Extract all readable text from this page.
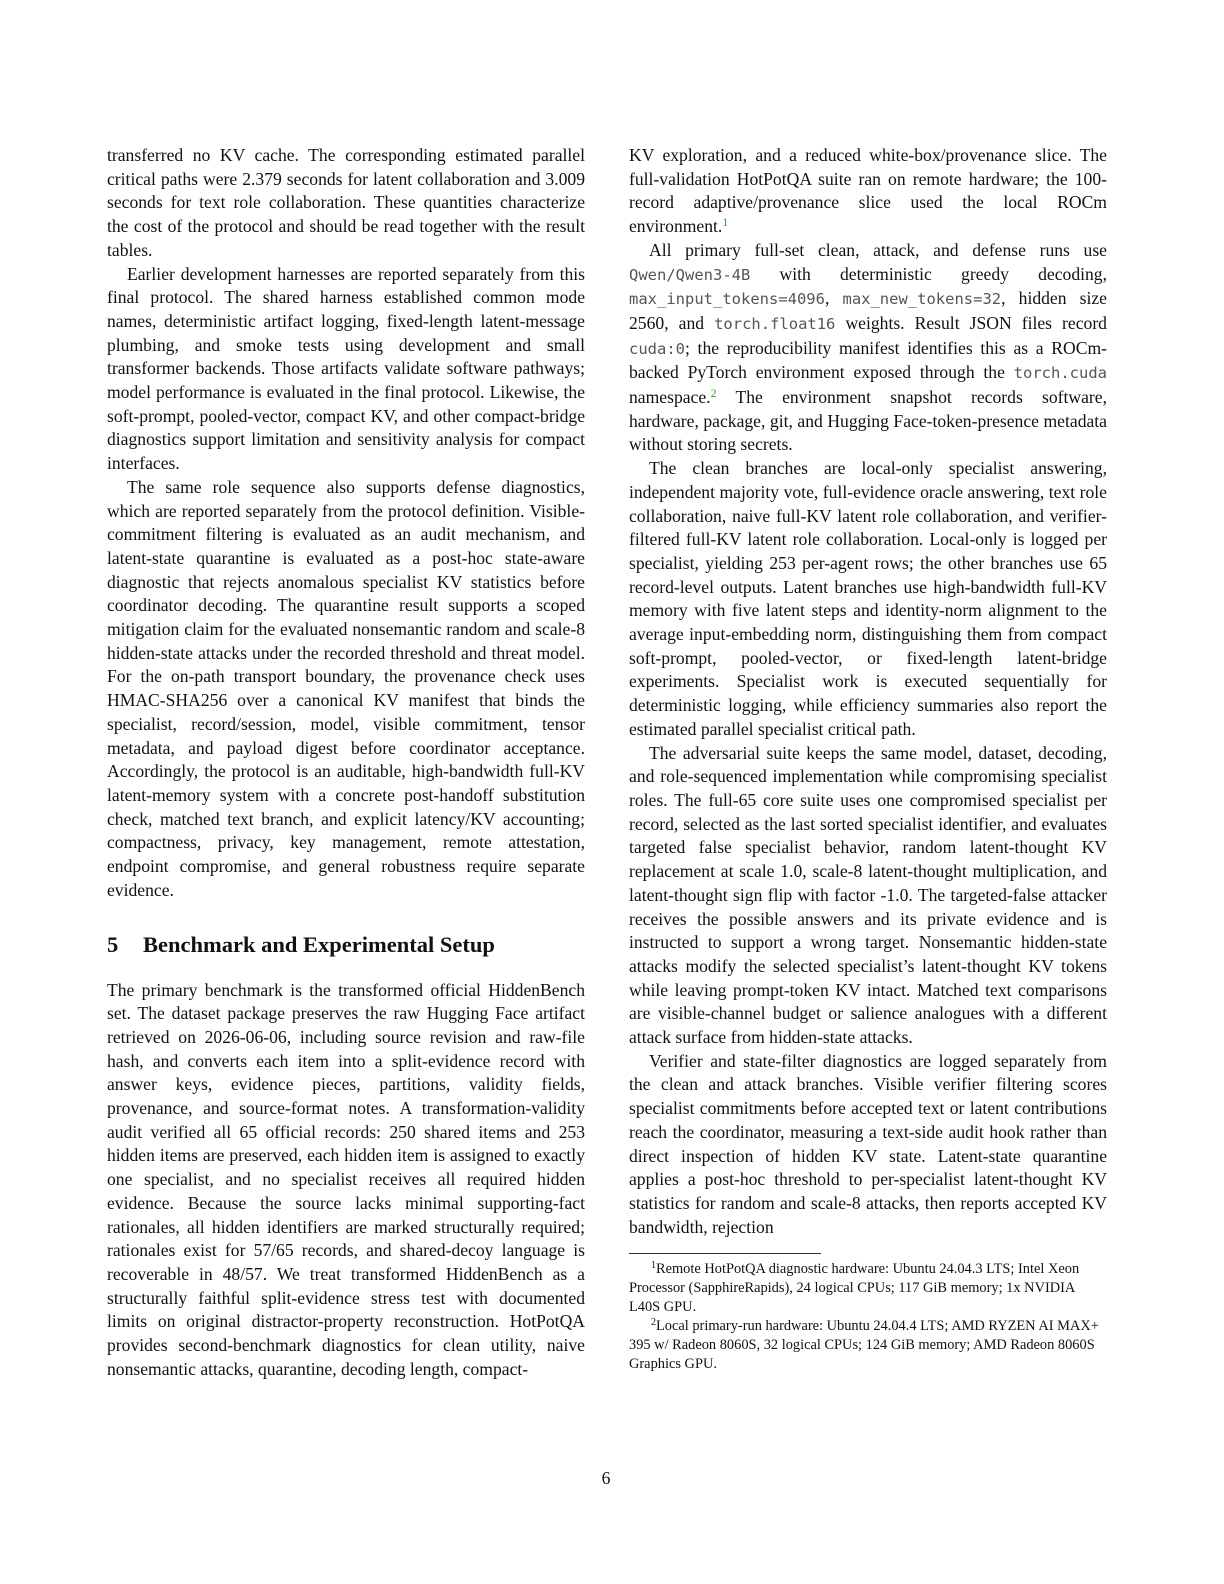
transferred no KV cache. The corresponding estimated parallel critical paths were 2.379 seconds for latent collaboration and 3.009 seconds for text role collaboration. These quantities characterize the cost of the protocol and should be read together with the result tables.

Earlier development harnesses are reported separately from this final protocol. The shared harness established common mode names, deterministic artifact logging, fixed-length latent-message plumbing, and smoke tests using development and small transformer backends. Those artifacts validate software pathways; model performance is evaluated in the final protocol. Likewise, the soft-prompt, pooled-vector, compact KV, and other compact-bridge diagnostics support limitation and sensitivity analysis for compact interfaces.

The same role sequence also supports defense diagnostics, which are reported separately from the protocol definition. Visible-commitment filtering is evaluated as an audit mechanism, and latent-state quarantine is evaluated as a post-hoc state-aware diagnostic that rejects anomalous specialist KV statistics before coordinator decoding. The quarantine result supports a scoped mitigation claim for the evaluated nonsemantic random and scale-8 hidden-state attacks under the recorded threshold and threat model. For the on-path transport boundary, the provenance check uses HMAC-SHA256 over a canonical KV manifest that binds the specialist, record/session, model, visible commitment, tensor metadata, and payload digest before coordinator acceptance. Accordingly, the protocol is an auditable, high-bandwidth full-KV latent-memory system with a concrete post-handoff substitution check, matched text branch, and explicit latency/KV accounting; compactness, privacy, key management, remote attestation, endpoint compromise, and general robustness require separate evidence.

5 Benchmark and Experimental Setup

The primary benchmark is the transformed official HiddenBench set. The dataset package preserves the raw Hugging Face artifact retrieved on 2026-06-06, including source revision and raw-file hash, and converts each item into a split-evidence record with answer keys, evidence pieces, partitions, validity fields, provenance, and source-format notes. A transformation-validity audit verified all 65 official records: 250 shared items and 253 hidden items are preserved, each hidden item is assigned to exactly one specialist, and no specialist receives all required hidden evidence. Because the source lacks minimal supporting-fact rationales, all hidden identifiers are marked structurally required; rationales exist for 57/65 records, and shared-decoy language is recoverable in 48/57. We treat transformed HiddenBench as a structurally faithful split-evidence stress test with documented limits on original distractor-property reconstruction. HotPotQA provides second-benchmark diagnostics for clean utility, naive nonsemantic attacks, quarantine, decoding length, compact-

KV exploration, and a reduced white-box/provenance slice. The full-validation HotPotQA suite ran on remote hardware; the 100-record adaptive/provenance slice used the local ROCm environment.$^1$

All primary full-set clean, attack, and defense runs use Qwen/Qwen3-4B with deterministic greedy decoding, max_input_tokens=4096, max_new_tokens=32, hidden size 2560, and torch.float16 weights. Result JSON files record cuda:0; the reproducibility manifest identifies this as a ROCm-backed PyTorch environment exposed through the torch.cuda namespace.$^2$ The environment snapshot records software, hardware, package, git, and Hugging Face-token-presence metadata without storing secrets.

The clean branches are local-only specialist answering, independent majority vote, full-evidence oracle answering, text role collaboration, naive full-KV latent role collaboration, and verifier-filtered full-KV latent role collaboration. Local-only is logged per specialist, yielding 253 per-agent rows; the other branches use 65 record-level outputs. Latent branches use high-bandwidth full-KV memory with five latent steps and identity-norm alignment to the average input-embedding norm, distinguishing them from compact soft-prompt, pooled-vector, or fixed-length latent-bridge experiments. Specialist work is executed sequentially for deterministic logging, while efficiency summaries also report the estimated parallel specialist critical path.

The adversarial suite keeps the same model, dataset, decoding, and role-sequenced implementation while compromising specialist roles. The full-65 core suite uses one compromised specialist per record, selected as the last sorted specialist identifier, and evaluates targeted false specialist behavior, random latent-thought KV replacement at scale 1.0, scale-8 latent-thought multiplication, and latent-thought sign flip with factor -1.0. The targeted-false attacker receives the possible answers and its private evidence and is instructed to support a wrong target. Nonsemantic hidden-state attacks modify the selected specialist’s latent-thought KV tokens while leaving prompt-token KV intact. Matched text comparisons are visible-channel budget or salience analogues with a different attack surface from hidden-state attacks.

Verifier and state-filter diagnostics are logged separately from the clean and attack branches. Visible verifier filtering scores specialist commitments before accepted text or latent contributions reach the coordinator, measuring a text-side audit hook rather than direct inspection of hidden KV state. Latent-state quarantine applies a post-hoc threshold to per-specialist latent-thought KV statistics for random and scale-8 attacks, then reports accepted KV bandwidth, rejection

$^1$Remote HotPotQA diagnostic hardware: Ubuntu 24.04.3 LTS; Intel Xeon Processor (SapphireRapids), 24 logical CPUs; 117 GiB memory; 1x NVIDIA L40S GPU.

$^2$Local primary-run hardware: Ubuntu 24.04.4 LTS; AMD RYZEN AI MAX+ 395 w/ Radeon 8060S, 32 logical CPUs; 124 GiB memory; AMD Radeon 8060S Graphics GPU.

6
